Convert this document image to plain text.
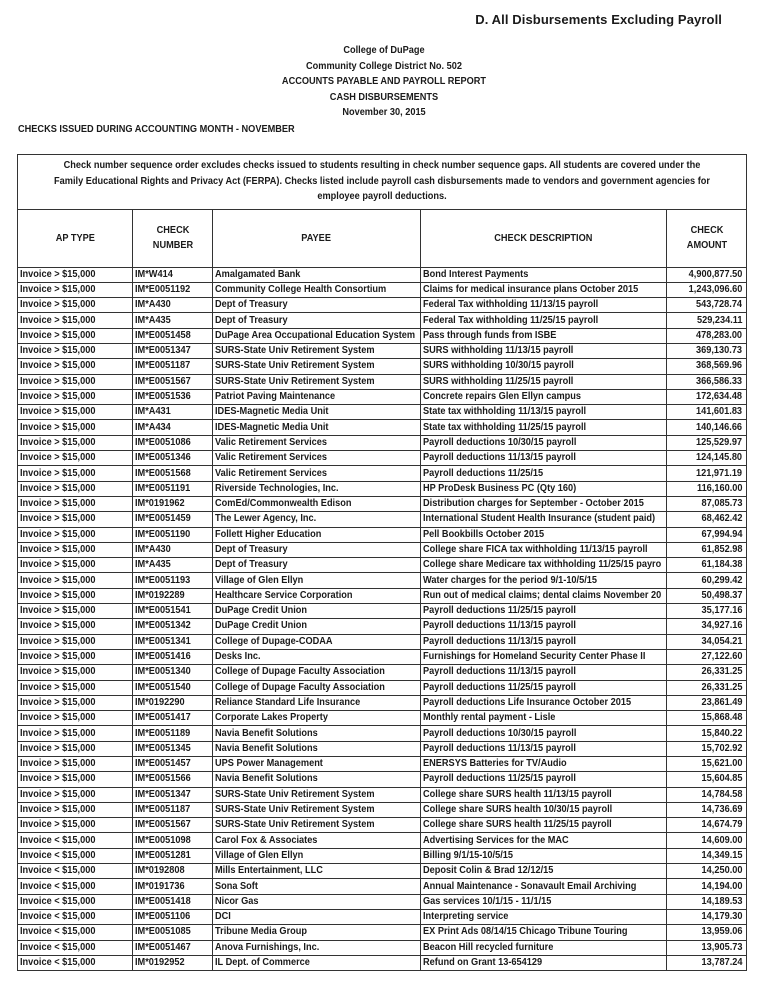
D. All Disbursements Excluding Payroll
College of DuPage
Community College District No. 502
ACCOUNTS PAYABLE AND PAYROLL REPORT
CASH DISBURSEMENTS
November 30, 2015
CHECKS ISSUED DURING ACCOUNTING MONTH - NOVEMBER
Check number sequence order excludes checks issued to students resulting in check number sequence gaps. All students are covered under the Family Educational Rights and Privacy Act (FERPA). Checks listed include payroll cash disbursements made to vendors and government agencies for employee payroll deductions.				
AP TYPE	CHECK NUMBER	PAYEE	CHECK DESCRIPTION	CHECK AMOUNT
Invoice > $15,000	IM*W414	Amalgamated Bank	Bond Interest Payments	4,900,877.50
Invoice > $15,000	IM*E0051192	Community College Health Consortium	Claims for medical insurance plans October 2015	1,243,096.60
Invoice > $15,000	IM*A430	Dept of Treasury	Federal Tax withholding 11/13/15 payroll	543,728.74
Invoice > $15,000	IM*A435	Dept of Treasury	Federal Tax withholding 11/25/15 payroll	529,234.11
Invoice > $15,000	IM*E0051458	DuPage Area Occupational Education System	Pass through funds from ISBE	478,283.00
Invoice > $15,000	IM*E0051347	SURS-State Univ Retirement System	SURS withholding 11/13/15 payroll	369,130.73
Invoice > $15,000	IM*E0051187	SURS-State Univ Retirement System	SURS withholding 10/30/15 payroll	368,569.96
Invoice > $15,000	IM*E0051567	SURS-State Univ Retirement System	SURS withholding 11/25/15 payroll	366,586.33
Invoice > $15,000	IM*E0051536	Patriot Paving Maintenance	Concrete repairs Glen Ellyn campus	172,634.48
Invoice > $15,000	IM*A431	IDES-Magnetic Media Unit	State tax withholding 11/13/15 payroll	141,601.83
Invoice > $15,000	IM*A434	IDES-Magnetic Media Unit	State tax withholding 11/25/15 payroll	140,146.66
Invoice > $15,000	IM*E0051086	Valic Retirement Services	Payroll deductions 10/30/15 payroll	125,529.97
Invoice > $15,000	IM*E0051346	Valic Retirement Services	Payroll deductions 11/13/15 payroll	124,145.80
Invoice > $15,000	IM*E0051568	Valic Retirement Services	Payroll deductions 11/25/15	121,971.19
Invoice > $15,000	IM*E0051191	Riverside Technologies, Inc.	HP ProDesk Business PC (Qty 160)	116,160.00
Invoice > $15,000	IM*0191962	ComEd/Commonwealth Edison	Distribution charges for September - October 2015	87,085.73
Invoice > $15,000	IM*E0051459	The Lewer Agency, Inc.	International Student Health Insurance (student paid)	68,462.42
Invoice > $15,000	IM*E0051190	Follett Higher Education	Pell Bookbills October 2015	67,994.94
Invoice > $15,000	IM*A430	Dept of Treasury	College share FICA tax withholding 11/13/15 payroll	61,852.98
Invoice > $15,000	IM*A435	Dept of Treasury	College share Medicare tax withholding 11/25/15 payro	61,184.38
Invoice > $15,000	IM*E0051193	Village of Glen Ellyn	Water charges for the period 9/1-10/5/15	60,299.42
Invoice > $15,000	IM*0192289	Healthcare Service Corporation	Run out of medical claims; dental claims November 20	50,498.37
Invoice > $15,000	IM*E0051541	DuPage Credit Union	Payroll deductions 11/25/15 payroll	35,177.16
Invoice > $15,000	IM*E0051342	DuPage Credit Union	Payroll deductions 11/13/15 payroll	34,927.16
Invoice > $15,000	IM*E0051341	College of Dupage-CODAA	Payroll deductions 11/13/15 payroll	34,054.21
Invoice > $15,000	IM*E0051416	Desks Inc.	Furnishings for Homeland Security Center Phase II	27,122.60
Invoice > $15,000	IM*E0051340	College of Dupage Faculty Association	Payroll deductions 11/13/15 payroll	26,331.25
Invoice > $15,000	IM*E0051540	College of Dupage Faculty Association	Payroll deductions 11/25/15 payroll	26,331.25
Invoice > $15,000	IM*0192290	Reliance Standard Life Insurance	Payroll deductions Life Insurance October 2015	23,861.49
Invoice > $15,000	IM*E0051417	Corporate Lakes Property	Monthly rental payment - Lisle	15,868.48
Invoice > $15,000	IM*E0051189	Navia Benefit Solutions	Payroll deductions 10/30/15 payroll	15,840.22
Invoice > $15,000	IM*E0051345	Navia Benefit Solutions	Payroll deductions 11/13/15 payroll	15,702.92
Invoice > $15,000	IM*E0051457	UPS Power Management	ENERSYS Batteries for TV/Audio	15,621.00
Invoice > $15,000	IM*E0051566	Navia Benefit Solutions	Payroll deductions 11/25/15 payroll	15,604.85
Invoice > $15,000	IM*E0051347	SURS-State Univ Retirement System	College share SURS health 11/13/15 payroll	14,784.58
Invoice > $15,000	IM*E0051187	SURS-State Univ Retirement System	College share SURS health 10/30/15 payroll	14,736.69
Invoice > $15,000	IM*E0051567	SURS-State Univ Retirement System	College share SURS health 11/25/15 payroll	14,674.79
Invoice < $15,000	IM*E0051098	Carol Fox & Associates	Advertising Services for the MAC	14,609.00
Invoice < $15,000	IM*E0051281	Village of Glen Ellyn	Billing 9/1/15-10/5/15	14,349.15
Invoice < $15,000	IM*0192808	Mills Entertainment, LLC	Deposit Colin & Brad 12/12/15	14,250.00
Invoice < $15,000	IM*0191736	Sona Soft	Annual Maintenance - Sonavault Email Archiving	14,194.00
Invoice < $15,000	IM*E0051418	Nicor Gas	Gas services 10/1/15 - 11/1/15	14,189.53
Invoice < $15,000	IM*E0051106	DCI	Interpreting service	14,179.30
Invoice < $15,000	IM*E0051085	Tribune Media Group	EX Print Ads 08/14/15 Chicago Tribune Touring	13,959.06
Invoice < $15,000	IM*E0051467	Anova Furnishings, Inc.	Beacon Hill recycled furniture	13,905.73
Invoice < $15,000	IM*0192952	IL Dept. of Commerce	Refund on Grant 13-654129	13,787.24
